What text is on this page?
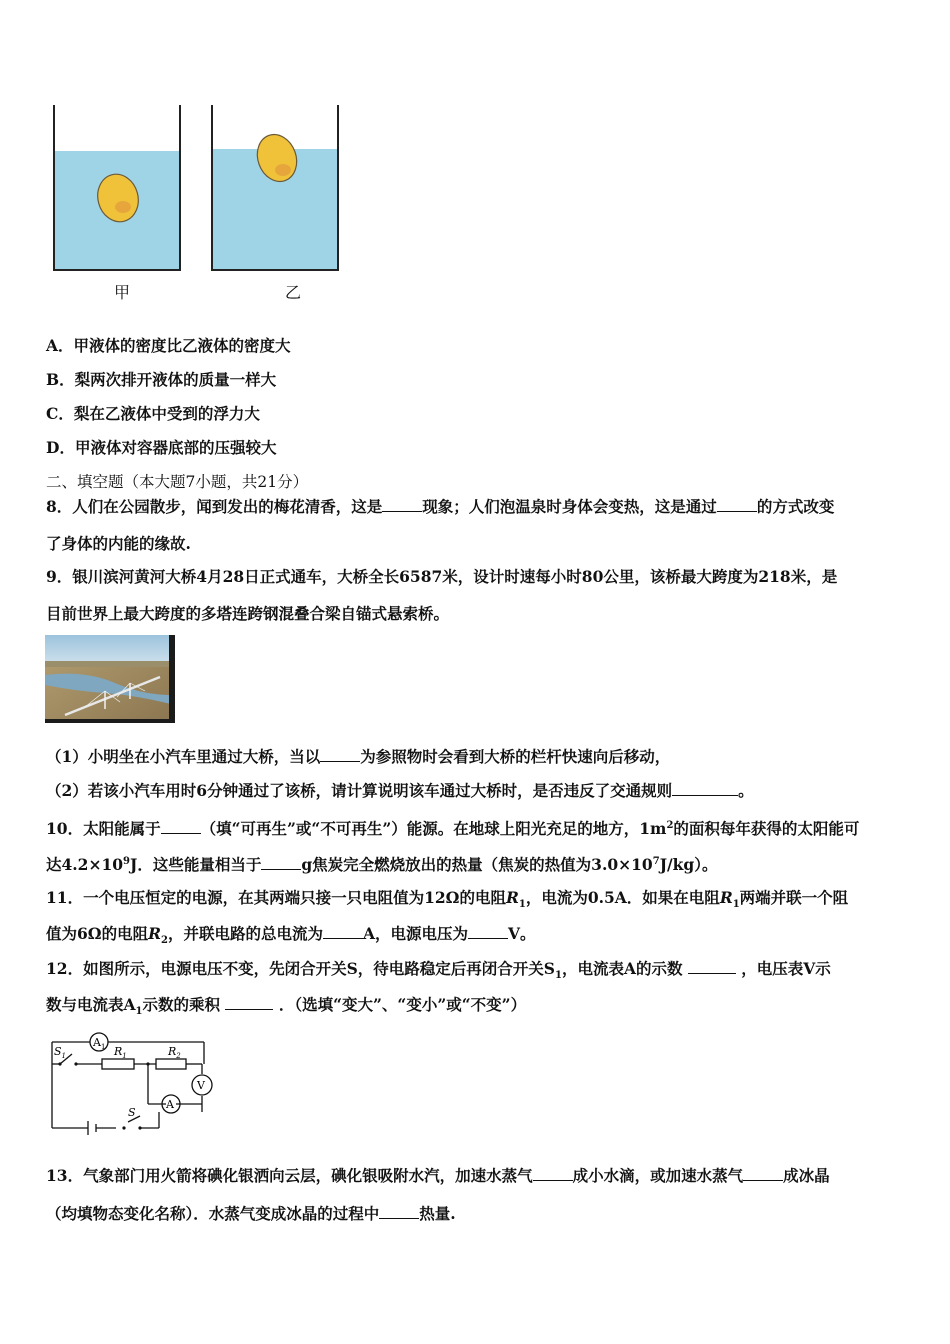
甲	乙
A．甲液体的密度比乙液体的密度大
B．梨两次排开液体的质量一样大
C．梨在乙液体中受到的浮力大
D．甲液体对容器底部的压强较大
二、填空题（本大题7小题，共21分）
8．人们在公园散步，闻到发出的梅花清香，这是	现象；人们泡温泉时身体会变热，这是通过	的方式改变
了身体的内能的缘故.
9．银川滨河黄河大桥4月28日正式通车，大桥全长6587米，设计时速每小时80公里，该桥最大跨度为218米，是
目前世界上最大跨度的多塔连跨钢混叠合梁自锚式悬索桥。
（1）小明坐在小汽车里通过大桥，当以	为参照物时会看到大桥的栏杆快速向后移动，
（2）若该小汽车用时6分钟通过了该桥，请计算说明该车通过大桥时，是否违反了交通规则	。
10．太阳能属于	（填“可再生”或“不可再生”）能源。在地球上阳光充足的地方，$1m^2$的面积每年获得的太阳能可
达$4.2\times 10^9J$．这些能量相当于	g焦炭完全燃烧放出的热量（焦炭的热值为$3.0\times 10^7J/kg$）。
11．一个电压恒定的电源，在其两端只接一只电阻值为12Ω的电阻$R_1$，电流为0.5A．如果在电阻$R_1$两端并联一个阻
值为6Ω的电阻$R_2$，并联电路的总电流为	A，电源电压为	V。
12．如图所示，电源电压不变，先闭合开关S，待电路稳定后再闭合开关$S_1$，电流表A的示数	，电压表V示
数与电流表$A_1$示数的乘积	．（选填“变大”、“变小”或“不变”）
$S_1$
$A_1$ $R_1$	$R_2$
V
A
S
13．气象部门用火箭将碘化银洒向云层，碘化银吸附水汽，加速水蒸气	成小水滴，或加速水蒸气	成冰晶
（均填物态变化名称）．水蒸气变成冰晶的过程中	热量.
